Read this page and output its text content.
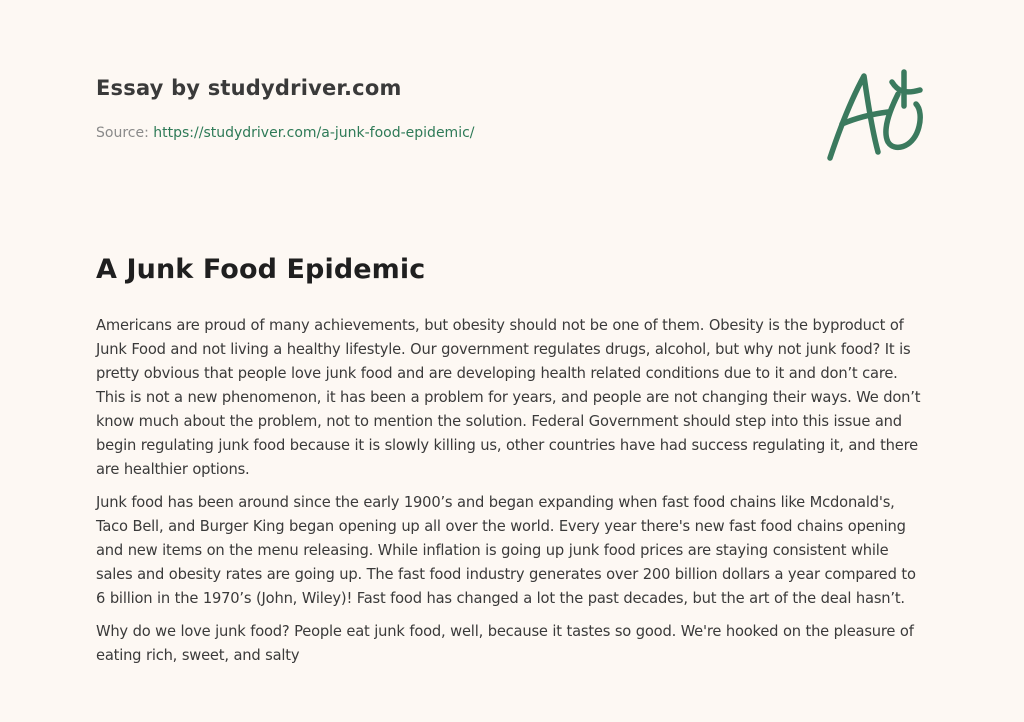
Essay by studydriver.com
Source: https://studydriver.com/a-junk-food-epidemic/
A Junk Food Epidemic

Americans are proud of many achievements, but obesity should not be one of them. Obesity is the byproduct of Junk Food and not living a healthy lifestyle. Our government regulates drugs, alcohol, but why not junk food? It is pretty obvious that people love junk food and are developing health related conditions due to it and don’t care. This is not a new phenomenon, it has been a problem for years, and people are not changing their ways. We don’t know much about the problem, not to mention the solution. Federal Government should step into this issue and begin regulating junk food because it is slowly killing us, other countries have had success regulating it, and there are healthier options.

Junk food has been around since the early 1900’s and began expanding when fast food chains like Mcdonald's, Taco Bell, and Burger King began opening up all over the world. Every year there's new fast food chains opening and new items on the menu releasing. While inflation is going up junk food prices are staying consistent while sales and obesity rates are going up. The fast food industry generates over 200 billion dollars a year compared to 6 billion in the 1970’s (John, Wiley)! Fast food has changed a lot the past decades, but the art of the deal hasn’t.

Why do we love junk food? People eat junk food, well, because it tastes so good. We're hooked on the pleasure of eating rich, sweet, and salty
